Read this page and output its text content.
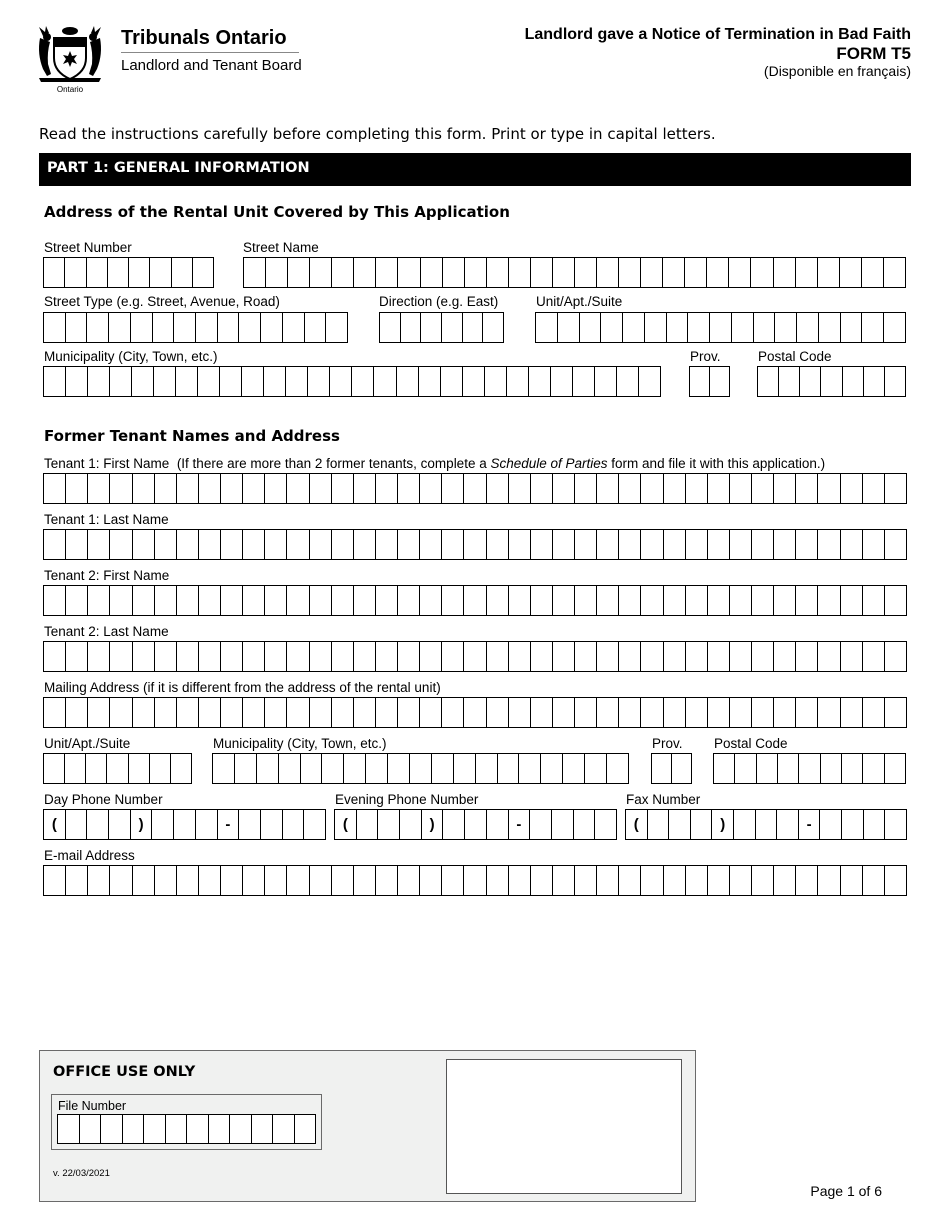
Ontario
Tribunals Ontario
Landlord and Tenant Board
Landlord gave a Notice of Termination in Bad Faith
FORM T5
(Disponible en français)
Read the instructions carefully before completing this form. Print or type in capital letters.
PART 1: GENERAL INFORMATION
Address of the Rental Unit Covered by This Application
Street Number	Street Name
Street Type (e.g. Street, Avenue, Road)	Direction (e.g. East)	Unit/Apt./Suite
Municipality (City, Town, etc.)	Prov.	Postal Code
Former Tenant Names and Address
Tenant 1: First Name (If there are more than 2 former tenants, complete a Schedule of Parties form and file it with this application.)
Tenant 1: Last Name
Tenant 2: First Name
Tenant 2: Last Name
Mailing Address (if it is different from the address of the rental unit)
Unit/Apt./Suite	Municipality (City, Town, etc.)	Prov. Postal Code
Day Phone Number
(	)	-
Evening Phone Number
(	)	-
Fax Number
(	)	-
E-mail Address
OFFICE USE ONLY
File Number
v. 22/03/2021
Page 1 of 6
